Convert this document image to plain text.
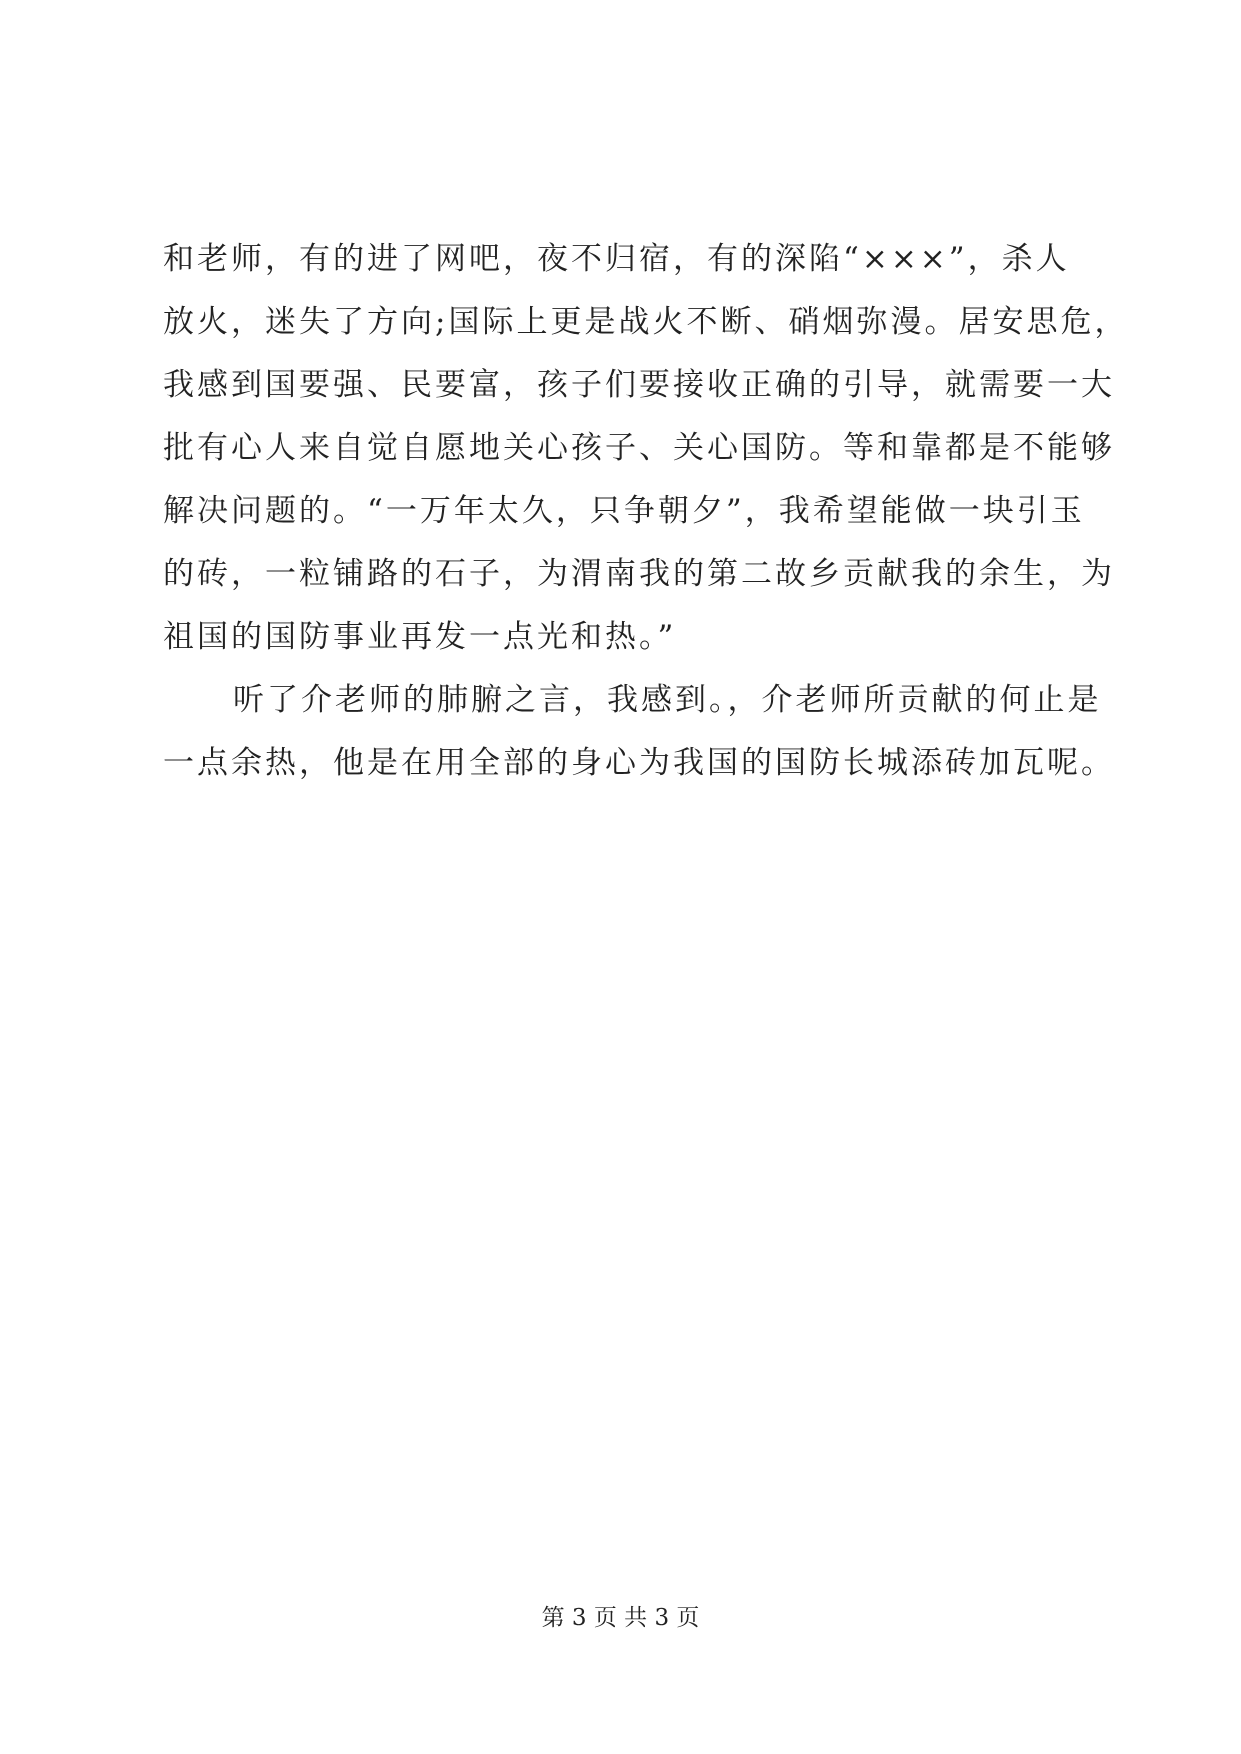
和老师，有的进了网吧，夜不归宿，有的深陷“×××”，杀人
放火，迷失了方向;国际上更是战火不断、硝烟弥漫。居安思危，
我感到国要强、民要富，孩子们要接收正确的引导，就需要一大
批有心人来自觉自愿地关心孩子、关心国防。等和靠都是不能够
解决问题的。“一万年太久，只争朝夕”，我希望能做一块引玉
的砖，一粒铺路的石子，为渭南我的第二故乡贡献我的余生，为
祖国的国防事业再发一点光和热。”
听了介老师的肺腑之言，我感到。，介老师所贡献的何止是
一点余热，他是在用全部的身心为我国的国防长城添砖加瓦呢。
第 3 页 共 3 页
